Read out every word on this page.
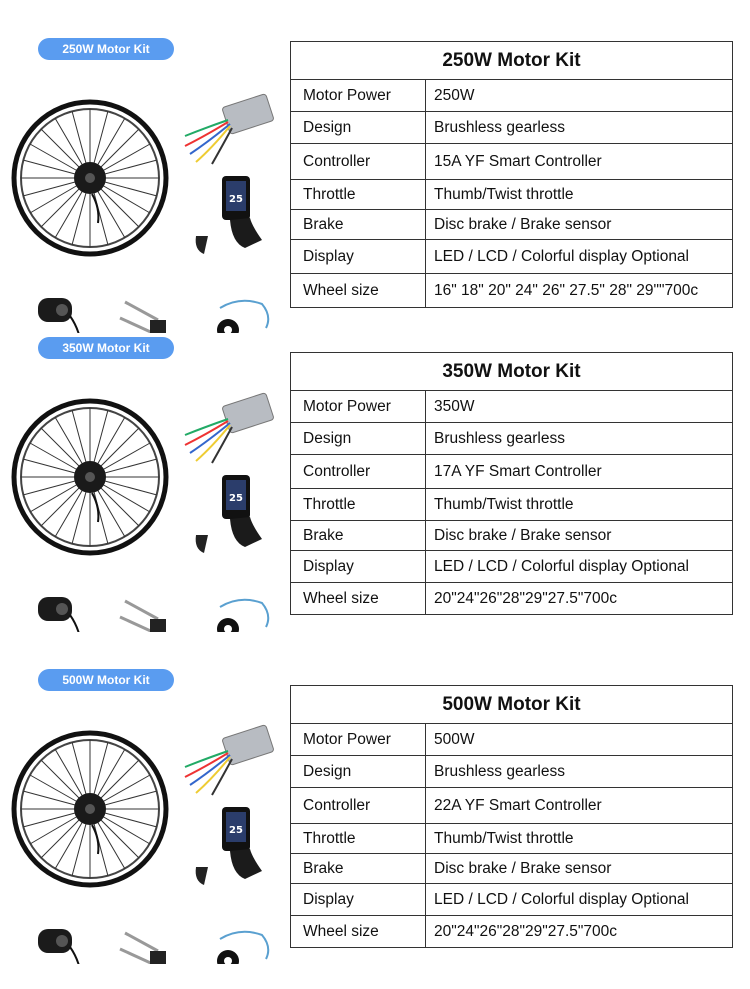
250W Motor Kit
250W Motor Kit	
Motor Power	250W
Design	Brushless gearless
Controller	15A YF Smart Controller
Throttle	Thumb/Twist throttle
Brake	Disc brake / Brake sensor
Display	LED / LCD / Colorful display Optional
Wheel size	16" 18" 20" 24" 26" 27.5" 28" 29""700c
350W Motor Kit
350W Motor Kit	
Motor Power	350W
Design	Brushless gearless
Controller	17A YF Smart Controller
Throttle	Thumb/Twist throttle
Brake	Disc brake / Brake sensor
Display	LED / LCD / Colorful display Optional
Wheel size	20"24"26"28"29"27.5"700c
500W Motor Kit
500W Motor Kit	
Motor Power	500W
Design	Brushless gearless
Controller	22A YF Smart Controller
Throttle	Thumb/Twist throttle
Brake	Disc brake / Brake sensor
Display	LED / LCD / Colorful display Optional
Wheel size	20"24"26"28"29"27.5"700c
